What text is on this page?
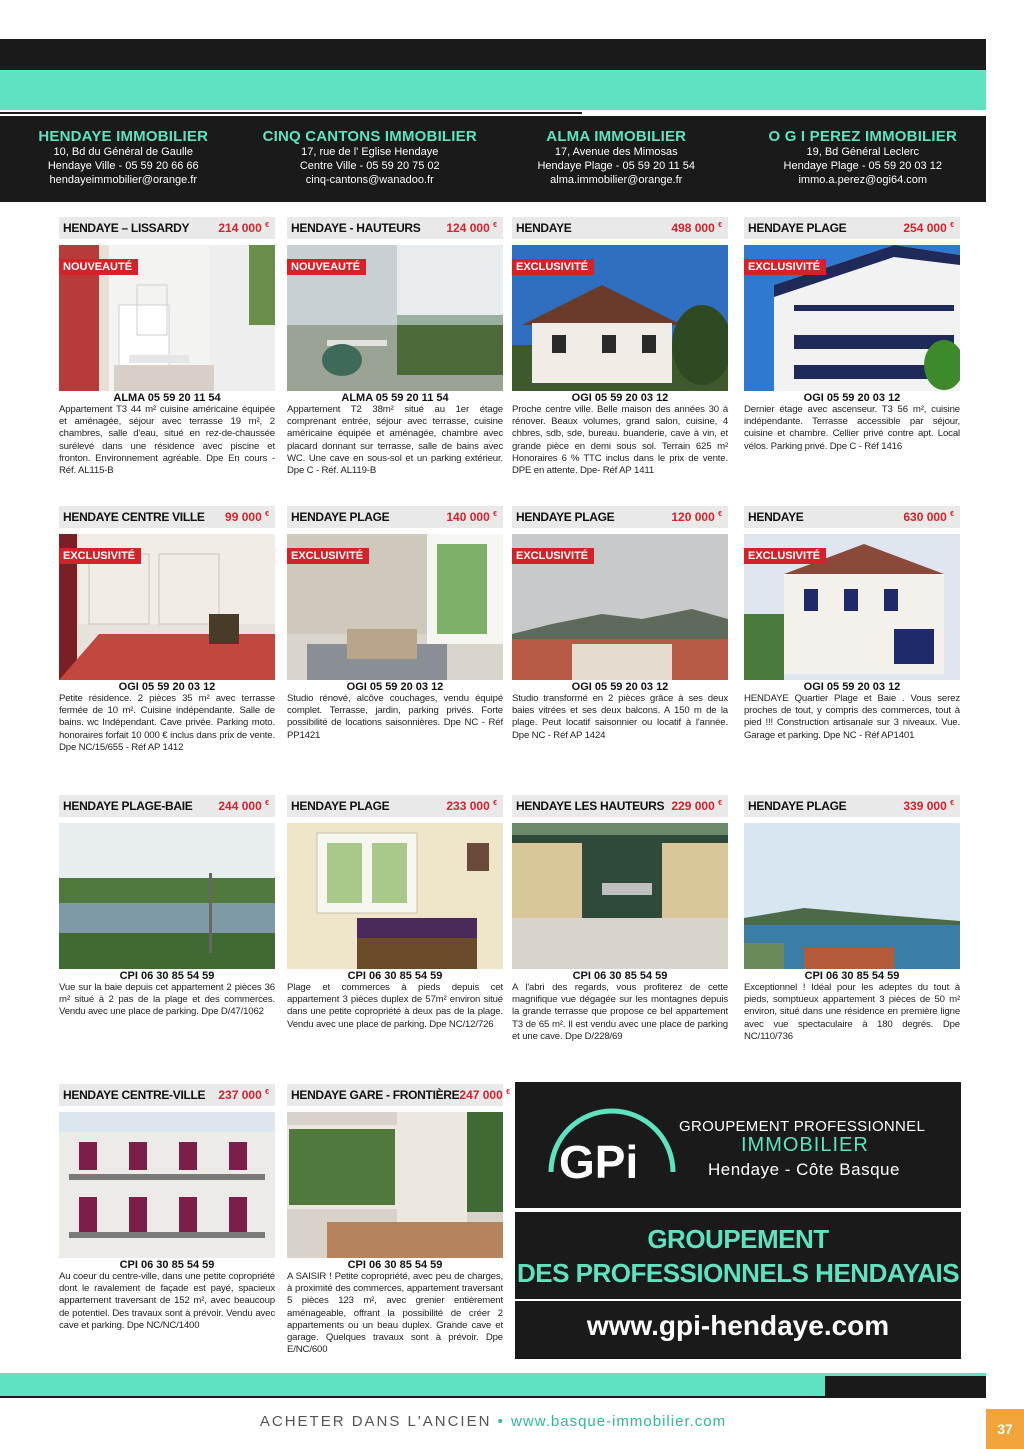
HENDAYE IMMOBILIER
10, Bd du Général de Gaulle
Hendaye Ville - 05 59 20 66 66
hendayeimmobilier@orange.fr
CINQ CANTONS IMMOBILIER
17, rue de l' Eglise Hendaye
Centre Ville - 05 59 20 75 02
cinq-cantons@wanadoo.fr
ALMA IMMOBILIER
17, Avenue des Mimosas
Hendaye Plage - 05 59 20 11 54
alma.immobilier@orange.fr
O G I PEREZ IMMOBILIER
19, Bd Général Leclerc
Hendaye Plage - 05 59 20 03 12
immo.a.perez@ogi64.com
HENDAYE – LISSARDY 214 000 €
NOUVEAUTÉ
ALMA 05 59 20 11 54
Appartement T3 44 m² cuisine américaine équipée et aménagée, séjour avec terrasse 19 m², 2 chambres, salle d'eau, situé en rez-de-chaussée surélevé dans une résidence avec piscine et fronton. Environnement agréable. Dpe En cours - Réf. AL115-B
HENDAYE - HAUTEURS 124 000 €
NOUVEAUTÉ
ALMA 05 59 20 11 54
Appartement T2 38m² situé au 1er étage comprenant entrée, séjour avec terrasse, cuisine américaine équipée et aménagée, chambre avec placard donnant sur terrasse, salle de bains avec WC. Une cave en sous-sol et un parking extérieur. Dpe C - Réf. AL119-B
HENDAYE	498 000 €
EXCLUSIVITÉ
OGI 05 59 20 03 12
Proche centre ville. Belle maison des années 30 à rénover. Beaux volumes, grand salon, cuisine, 4 chbres, sdb, sde, bureau. buanderie, cave à vin, et grande pièce en demi sous sol. Terrain 625 m² Honoraires 6 % TTC inclus dans le prix de vente. DPE en attente. Dpe- Réf AP 1411
HENDAYE PLAGE	254 000 €
EXCLUSIVITÉ
OGI 05 59 20 03 12
Dernier étage avec ascenseur. T3 56 m², cuisine indépendante. Terrasse accessible par séjour, cuisine et chambre. Cellier privé contre apt. Local vélos. Parking privé. Dpe C - Réf 1416
HENDAYE CENTRE VILLE 99 000 €
EXCLUSIVITÉ
OGI 05 59 20 03 12
Petite résidence. 2 pièces 35 m² avec terrasse fermée de 10 m². Cuisine indépendante. Salle de bains. wc Indépendant. Cave privée. Parking moto. honoraires forfait 10 000 € inclus dans prix de vente. Dpe NC/15/655 - Réf AP 1412
HENDAYE PLAGE	140 000 €
EXCLUSIVITÉ
OGI 05 59 20 03 12
Studio rénové, alcôve couchages, vendu équipé complet. Terrasse, jardin, parking privés. Forte possibilité de locations saisonnières. Dpe NC - Réf PP1421
HENDAYE PLAGE	120 000 €
EXCLUSIVITÉ
OGI 05 59 20 03 12
Studio transformé en 2 pièces grâce à ses deux baies vitrées et ses deux balcons. A 150 m de la plage. Peut locatif saisonnier ou locatif à l'année. Dpe NC - Réf AP 1424
HENDAYE	630 000 €
EXCLUSIVITÉ
OGI 05 59 20 03 12
HENDAYE Quartier Plage et Baie . Vous serez proches de tout, y compris des commerces, tout à pied !!! Construction artisanale sur 3 niveaux. Vue. Garage et parking. Dpe NC - Réf AP1401
HENDAYE PLAGE-BAIE 244 000 €
CPI 06 30 85 54 59
Vue sur la baie depuis cet appartement 2 pièces 36 m² situé à 2 pas de la plage et des commerces. Vendu avec une place de parking. Dpe D/47/1062
HENDAYE PLAGE	233 000 €
CPI 06 30 85 54 59
Plage et commerces à pieds depuis cet appartement 3 pièces duplex de 57m² environ situé dans une petite copropriété à deux pas de la plage. Vendu avec une place de parking. Dpe NC/12/726
HENDAYE LES HAUTEURS 229 000 €
CPI 06 30 85 54 59
A l'abri des regards, vous profiterez de cette magnifique vue dégagée sur les montagnes depuis la grande terrasse que propose ce bel appartement T3 de 65 m². Il est vendu avec une place de parking et une cave. Dpe D/228/69
HENDAYE PLAGE	339 000 €
CPI 06 30 85 54 59
Exceptionnel ! Idéal pour les adeptes du tout à pieds, somptueux appartement 3 pièces de 50 m² environ, situé dans une résidence en première ligne avec vue spectaculaire à 180 degrés. Dpe NC/110/736
HENDAYE CENTRE-VILLE 237 000 €
CPI 06 30 85 54 59
Au coeur du centre-ville, dans une petite copropriété dont le ravalement de façade est payé, spacieux appartement traversant de 152 m², avec beaucoup de potentiel. Des travaux sont à prévoir. Vendu avec cave et parking. Dpe NC/NC/1400
HENDAYE GARE - FRONTIÈRE 247 000 €
CPI 06 30 85 54 59
A SAISIR ! Petite copropriété, avec peu de charges, à proximité des commerces, appartement traversant 5 pièces 123 m², avec grenier entièrement aménageable, offrant la possibilité de créer 2 appartements ou un beau duplex. Grande cave et garage. Quelques travaux sont à prévoir. Dpe E/NC/600
GPi
GROUPEMENT PROFESSIONNEL
IMMOBILIER
Hendaye - Côte Basque
GROUPEMENT
DES PROFESSIONNELS HENDAYAIS
www.gpi-hendaye.com
ACHETER DANS L'ANCIEN • www.basque-immobilier.com	37
